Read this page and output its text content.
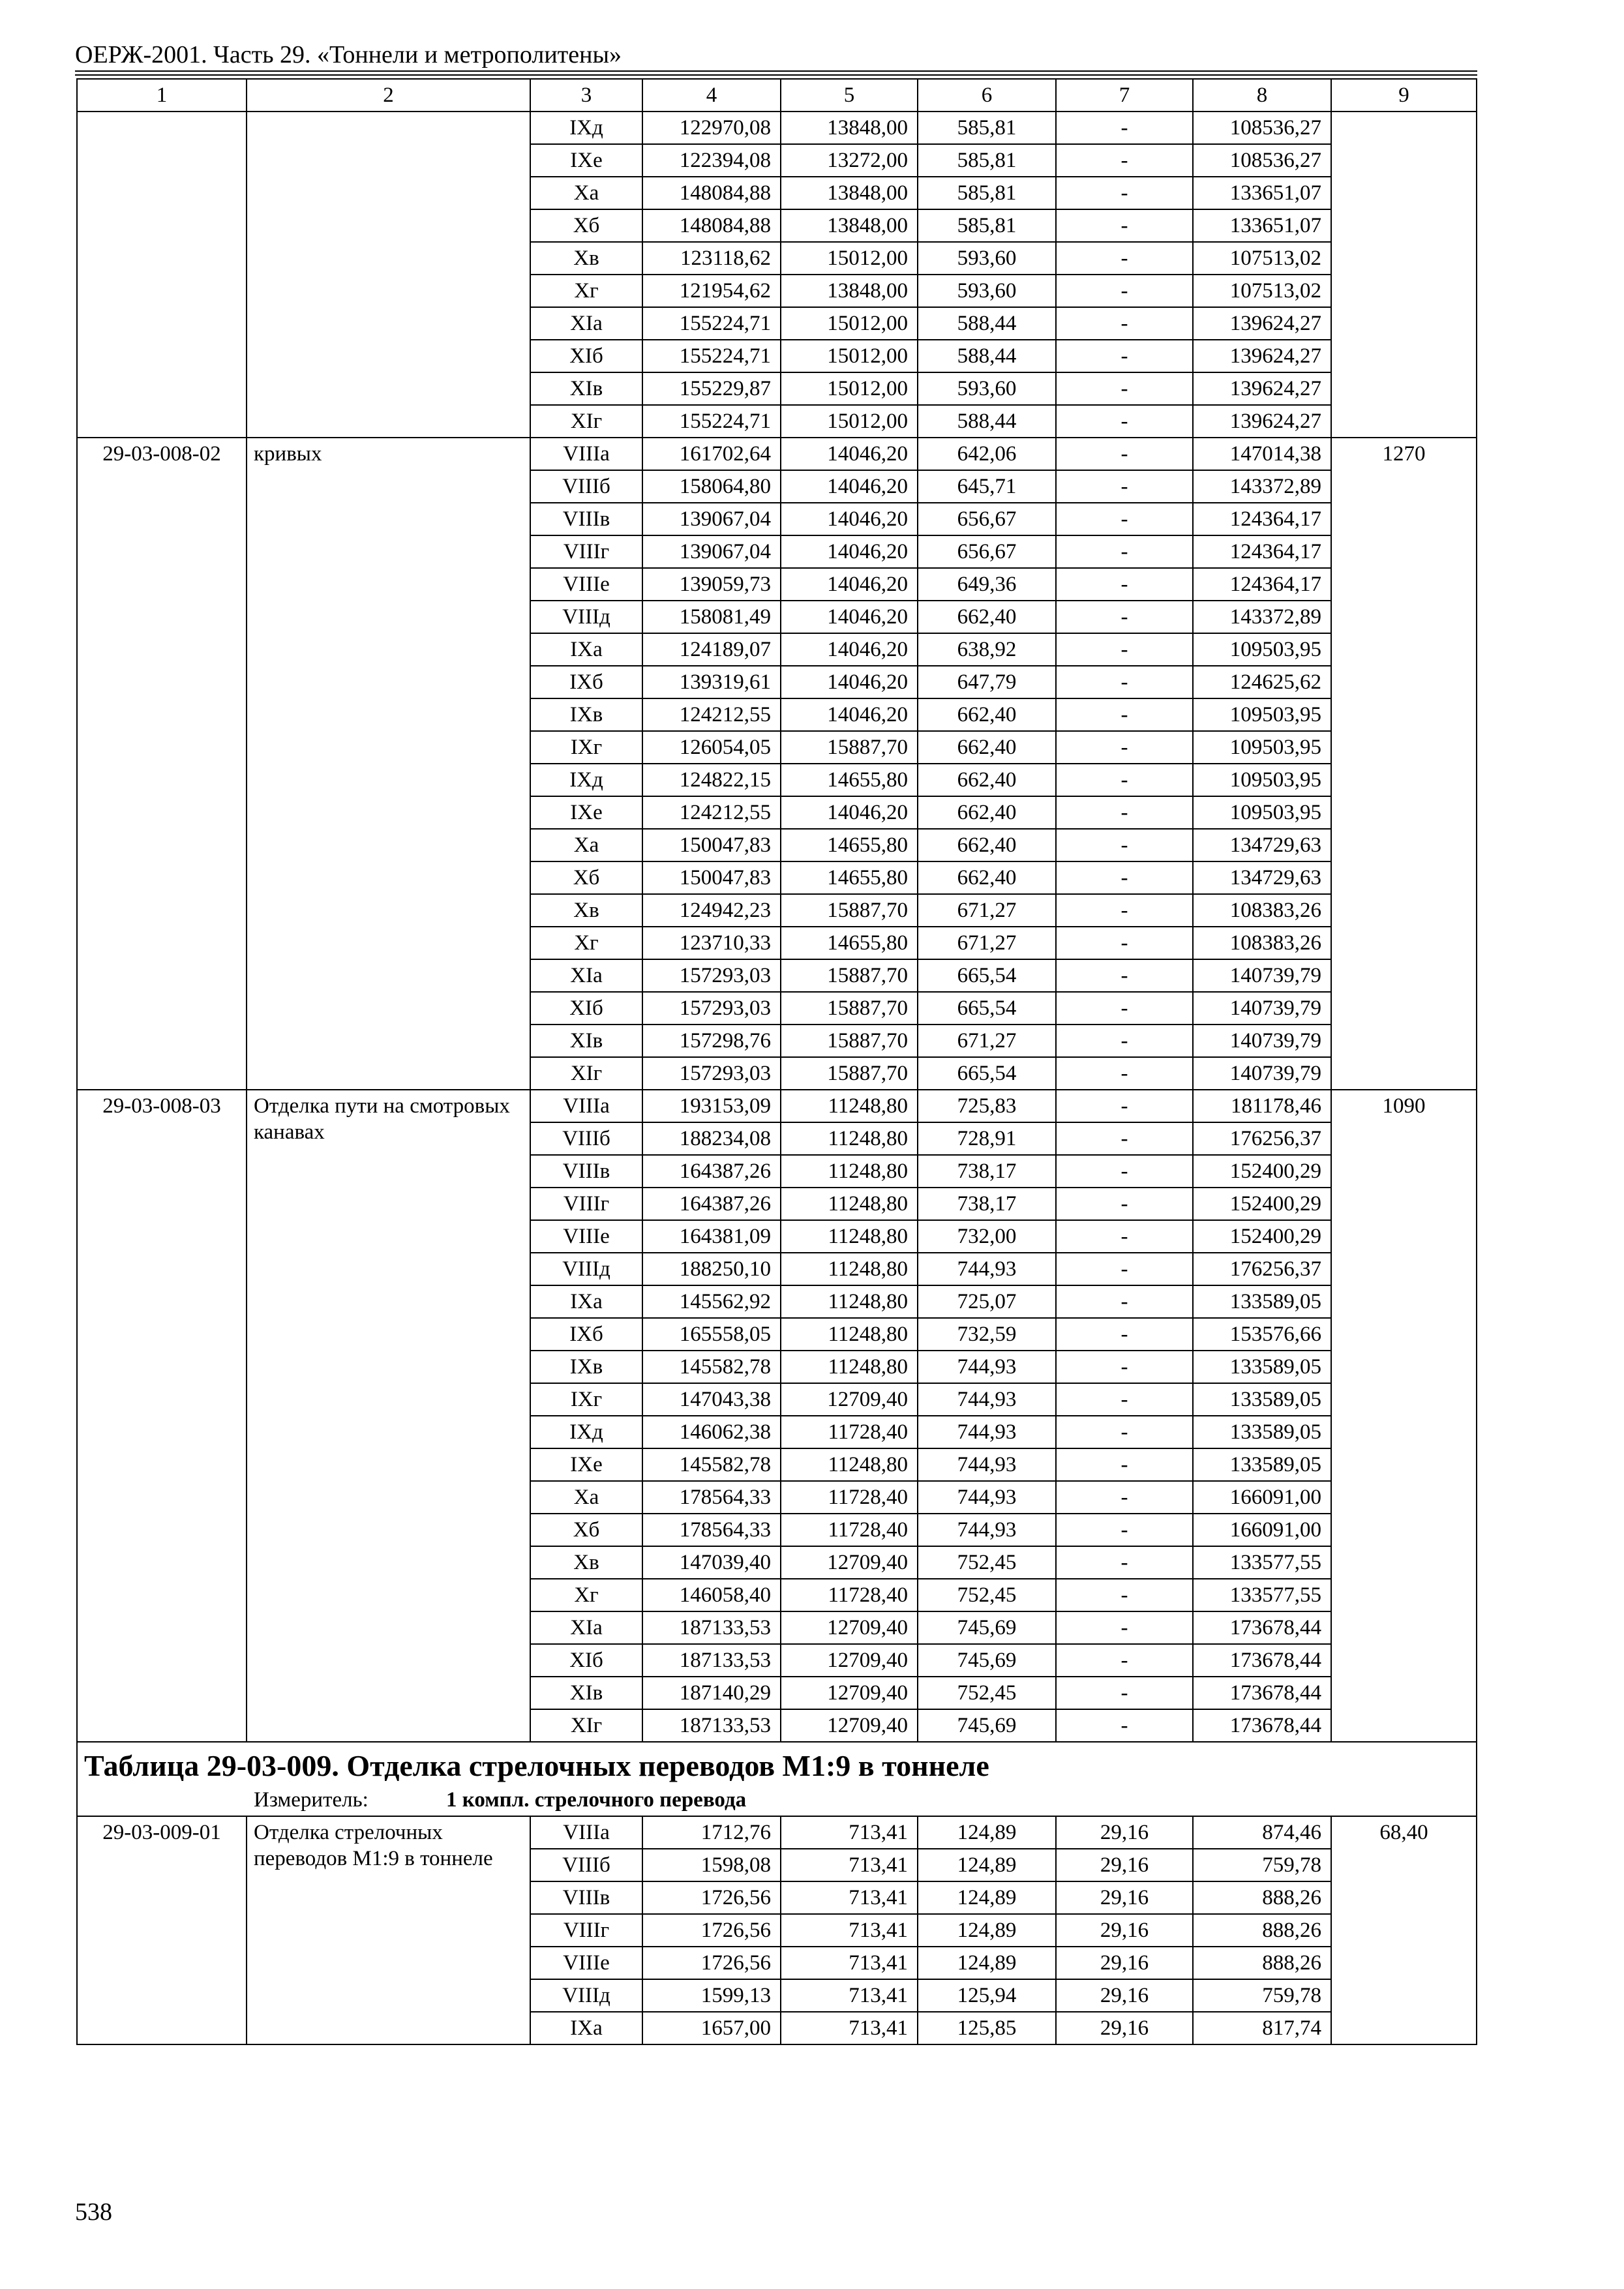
ОЕРЖ-2001. Часть 29. «Тоннели и метрополитены»
1	2	3	4	5	6	7	8	9
		IXд	122970,08	13848,00	585,81	-	108536,27	
		IXе	122394,08	13272,00	585,81	-	108536,27	
		Xа	148084,88	13848,00	585,81	-	133651,07	
		Xб	148084,88	13848,00	585,81	-	133651,07	
		Xв	123118,62	15012,00	593,60	-	107513,02	
		Xг	121954,62	13848,00	593,60	-	107513,02	
		XIа	155224,71	15012,00	588,44	-	139624,27	
		XIб	155224,71	15012,00	588,44	-	139624,27	
		XIв	155229,87	15012,00	593,60	-	139624,27	
		XIг	155224,71	15012,00	588,44	-	139624,27	
29-03-008-02	кривых	VIIIа	161702,64	14046,20	642,06	-	147014,38	1270
		VIIIб	158064,80	14046,20	645,71	-	143372,89	
		VIIIв	139067,04	14046,20	656,67	-	124364,17	
		VIIIг	139067,04	14046,20	656,67	-	124364,17	
		VIIIе	139059,73	14046,20	649,36	-	124364,17	
		VIIIд	158081,49	14046,20	662,40	-	143372,89	
		IXа	124189,07	14046,20	638,92	-	109503,95	
		IXб	139319,61	14046,20	647,79	-	124625,62	
		IXв	124212,55	14046,20	662,40	-	109503,95	
		IXг	126054,05	15887,70	662,40	-	109503,95	
		IXд	124822,15	14655,80	662,40	-	109503,95	
		IXе	124212,55	14046,20	662,40	-	109503,95	
		Xа	150047,83	14655,80	662,40	-	134729,63	
		Xб	150047,83	14655,80	662,40	-	134729,63	
		Xв	124942,23	15887,70	671,27	-	108383,26	
		Xг	123710,33	14655,80	671,27	-	108383,26	
		XIа	157293,03	15887,70	665,54	-	140739,79	
		XIб	157293,03	15887,70	665,54	-	140739,79	
		XIв	157298,76	15887,70	671,27	-	140739,79	
		XIг	157293,03	15887,70	665,54	-	140739,79	
29-03-008-03	Отделка пути на смотровых канавах	VIIIа	193153,09	11248,80	725,83	-	181178,46	1090
		VIIIб	188234,08	11248,80	728,91	-	176256,37	
		VIIIв	164387,26	11248,80	738,17	-	152400,29	
		VIIIг	164387,26	11248,80	738,17	-	152400,29	
		VIIIе	164381,09	11248,80	732,00	-	152400,29	
		VIIIд	188250,10	11248,80	744,93	-	176256,37	
		IXа	145562,92	11248,80	725,07	-	133589,05	
		IXб	165558,05	11248,80	732,59	-	153576,66	
		IXв	145582,78	11248,80	744,93	-	133589,05	
		IXг	147043,38	12709,40	744,93	-	133589,05	
		IXд	146062,38	11728,40	744,93	-	133589,05	
		IXе	145582,78	11248,80	744,93	-	133589,05	
		Xа	178564,33	11728,40	744,93	-	166091,00	
		Xб	178564,33	11728,40	744,93	-	166091,00	
		Xв	147039,40	12709,40	752,45	-	133577,55	
		Xг	146058,40	11728,40	752,45	-	133577,55	
		XIа	187133,53	12709,40	745,69	-	173678,44	
		XIб	187133,53	12709,40	745,69	-	173678,44	
		XIв	187140,29	12709,40	752,45	-	173678,44	
		XIг	187133,53	12709,40	745,69	-	173678,44	

Таблица 29-03-009. Отделка стрелочных переводов М1:9 в тоннеле
Измеритель: 1 компл. стрелочного перевода								

29-03-009-01	Отделка стрелочных переводов М1:9 в тоннеле	VIIIа	1712,76	713,41	124,89	29,16	874,46	68,40
		VIIIб	1598,08	713,41	124,89	29,16	759,78	
		VIIIв	1726,56	713,41	124,89	29,16	888,26	
		VIIIг	1726,56	713,41	124,89	29,16	888,26	
		VIIIе	1726,56	713,41	124,89	29,16	888,26	
		VIIIд	1599,13	713,41	125,94	29,16	759,78	
		IXа	1657,00	713,41	125,85	29,16	817,74	
538
